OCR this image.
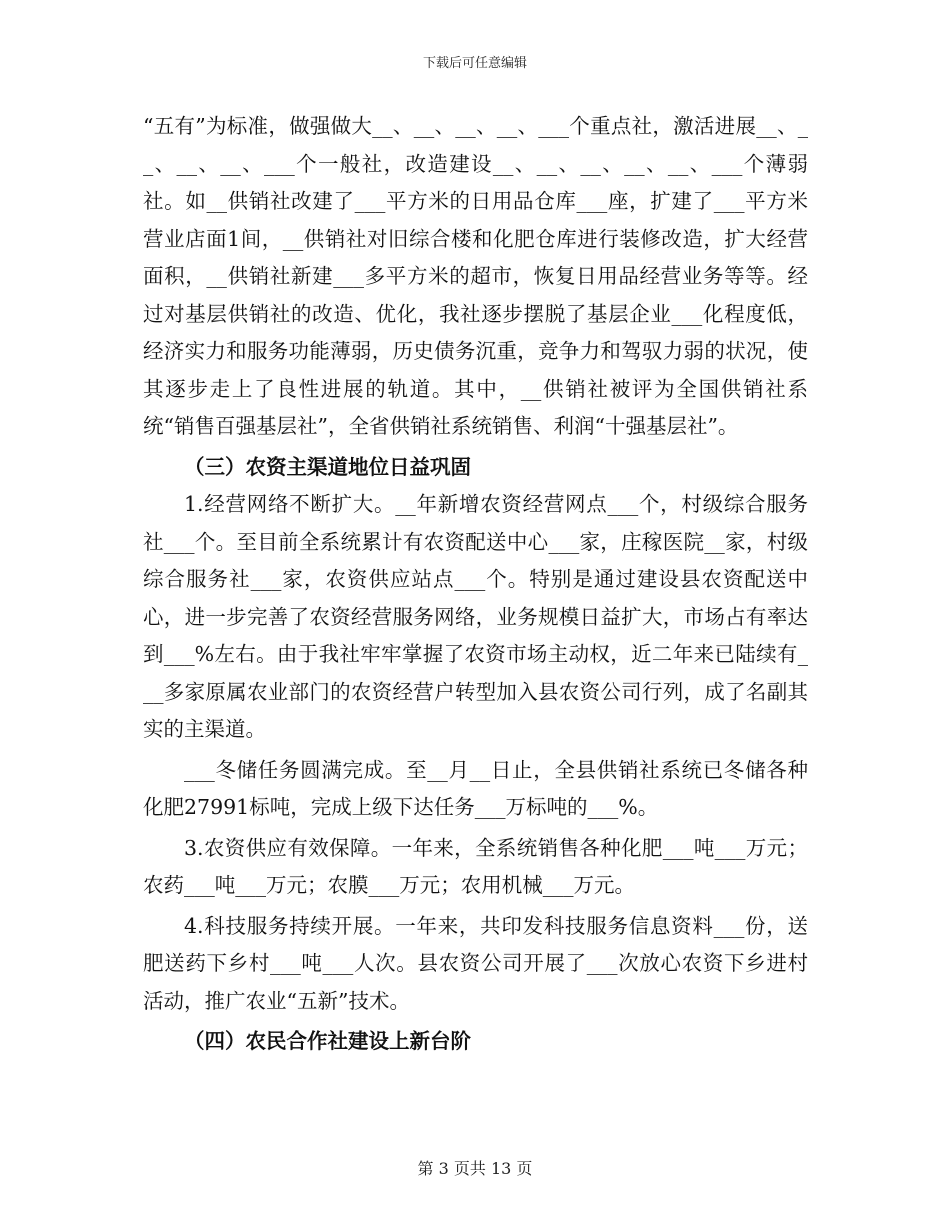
下载后可任意编辑

“五有”为标准，做强做大__、__、__、__、___个重点社，激活进展__、__、__、__、___个一般社，改造建设__、__、__、__、__、___个薄弱社。如__供销社改建了___平方米的日用品仓库___座，扩建了___平方米营业店面1间，__供销社对旧综合楼和化肥仓库进行装修改造，扩大经营面积，__供销社新建___多平方米的超市，恢复日用品经营业务等等。经过对基层供销社的改造、优化，我社逐步摆脱了基层企业___化程度低，经济实力和服务功能薄弱，历史债务沉重，竞争力和驾驭力弱的状况，使其逐步走上了良性进展的轨道。其中，__供销社被评为全国供销社系统“销售百强基层社”，全省供销社系统销售、利润“十强基层社”。

（三）农资主渠道地位日益巩固

1.经营网络不断扩大。__年新增农资经营网点___个，村级综合服务社___个。至目前全系统累计有农资配送中心___家，庄稼医院__家，村级综合服务社___家，农资供应站点___个。特别是通过建设县农资配送中心，进一步完善了农资经营服务网络，业务规模日益扩大，市场占有率达到___%左右。由于我社牢牢掌握了农资市场主动权，近二年来已陆续有___多家原属农业部门的农资经营户转型加入县农资公司行列，成了名副其实的主渠道。

___冬储任务圆满完成。至__月__日止，全县供销社系统已冬储各种化肥27991标吨，完成上级下达任务___万标吨的___%。

3.农资供应有效保障。一年来，全系统销售各种化肥___吨___万元；农药___吨___万元；农膜___万元；农用机械___万元。

4.科技服务持续开展。一年来，共印发科技服务信息资料___份，送肥送药下乡村___吨___人次。县农资公司开展了___次放心农资下乡进村活动，推广农业“五新”技术。

（四）农民合作社建设上新台阶

第 3 页共 13 页
